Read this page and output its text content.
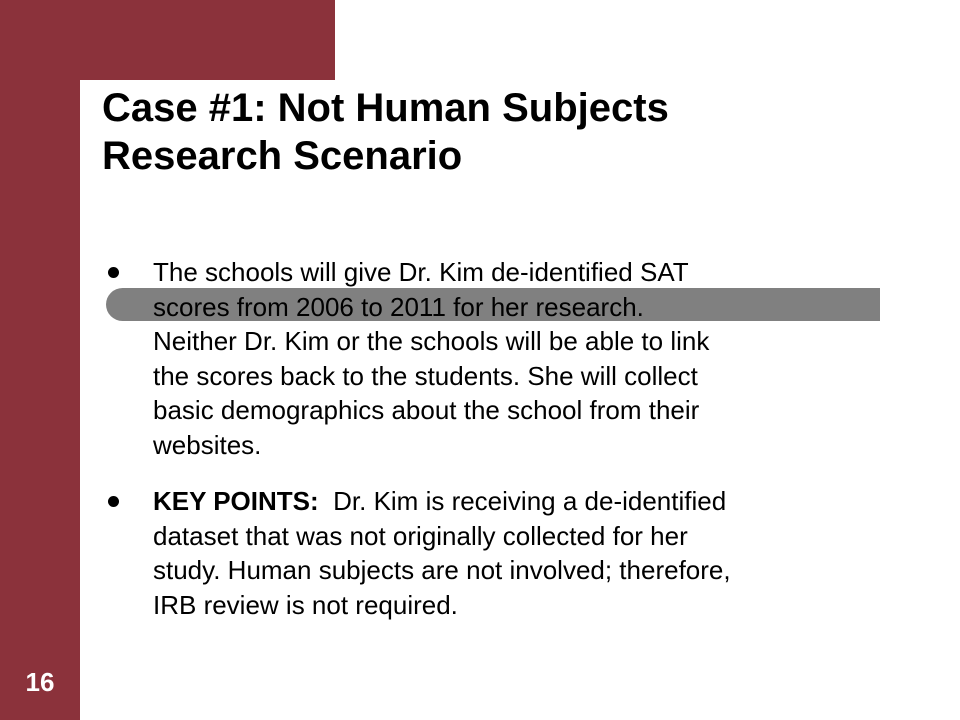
Case #1: Not Human Subjects
Research Scenario
The schools will give Dr. Kim de-identified SAT
scores from 2006 to 2011 for her research.
Neither Dr. Kim or the schools will be able to link
the scores back to the students. She will collect
basic demographics about the school from their
websites.
KEY POINTS:  Dr. Kim is receiving a de-identified
dataset that was not originally collected for her
study. Human subjects are not involved; therefore,
IRB review is not required.
16
